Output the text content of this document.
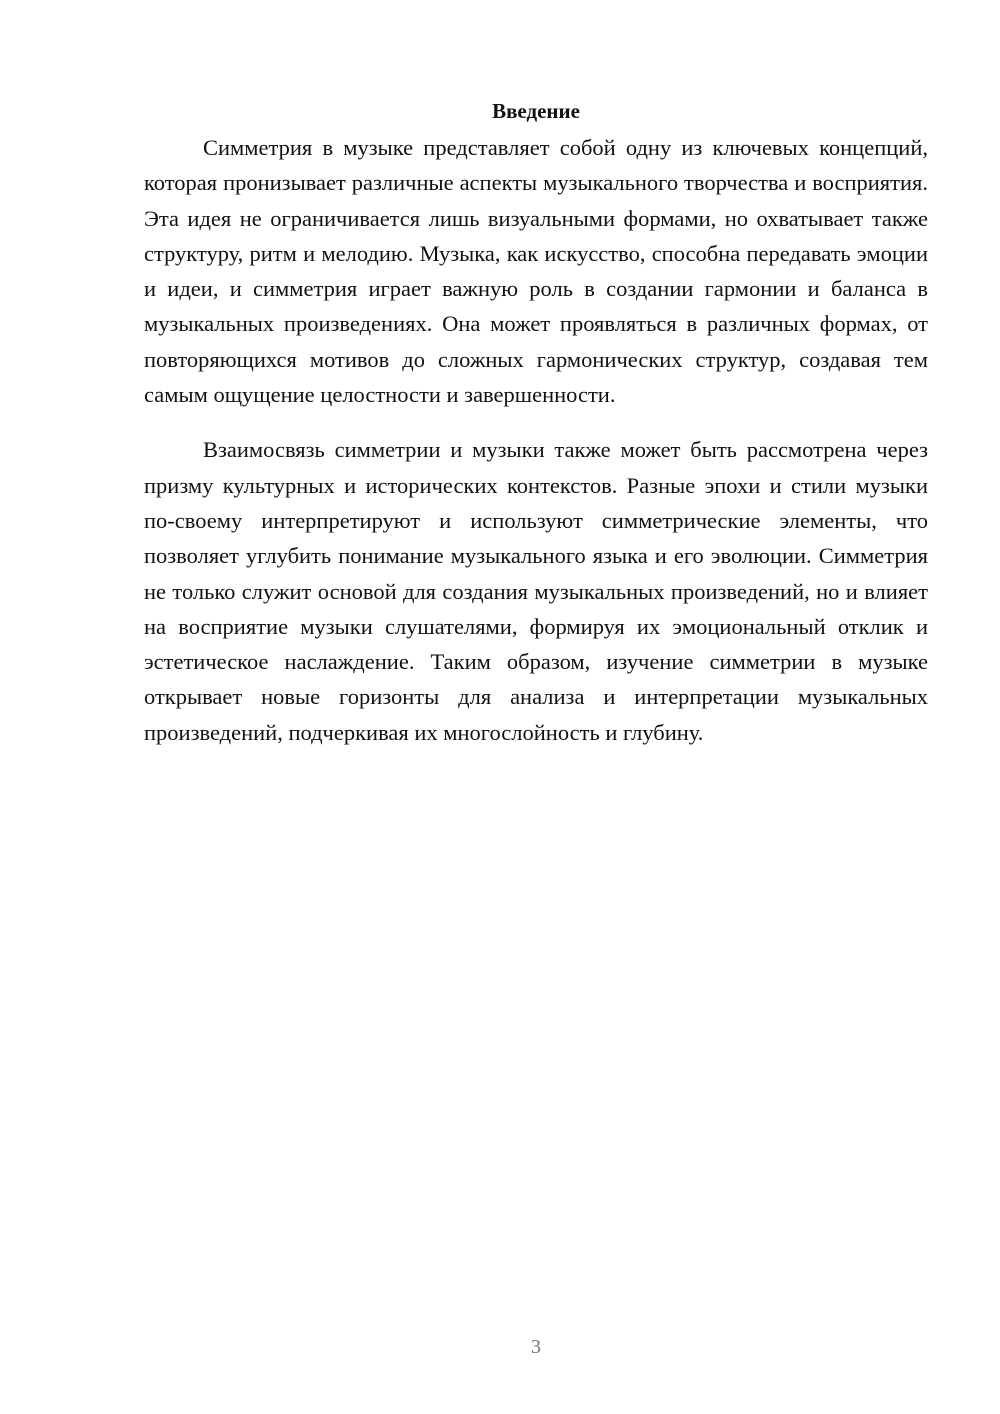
Введение

Симметрия в музыке представляет собой одну из ключевых концепций, которая пронизывает различные аспекты музыкального творчества и восприятия. Эта идея не ограничивается лишь визуальными формами, но охватывает также структуру, ритм и мелодию. Музыка, как искусство, способна передавать эмоции и идеи, и симметрия играет важную роль в создании гармонии и баланса в музыкальных произведениях. Она может проявляться в различных формах, от повторяющихся мотивов до сложных гармонических структур, создавая тем самым ощущение целостности и завершенности.

Взаимосвязь симметрии и музыки также может быть рассмотрена через призму культурных и исторических контекстов. Разные эпохи и стили музыки по-своему интерпретируют и используют симметрические элементы, что позволяет углубить понимание музыкального языка и его эволюции. Симметрия не только служит основой для создания музыкальных произведений, но и влияет на восприятие музыки слушателями, формируя их эмоциональный отклик и эстетическое наслаждение. Таким образом, изучение симметрии в музыке открывает новые горизонты для анализа и интерпретации музыкальных произведений, подчеркивая их многослойность и глубину.

3
